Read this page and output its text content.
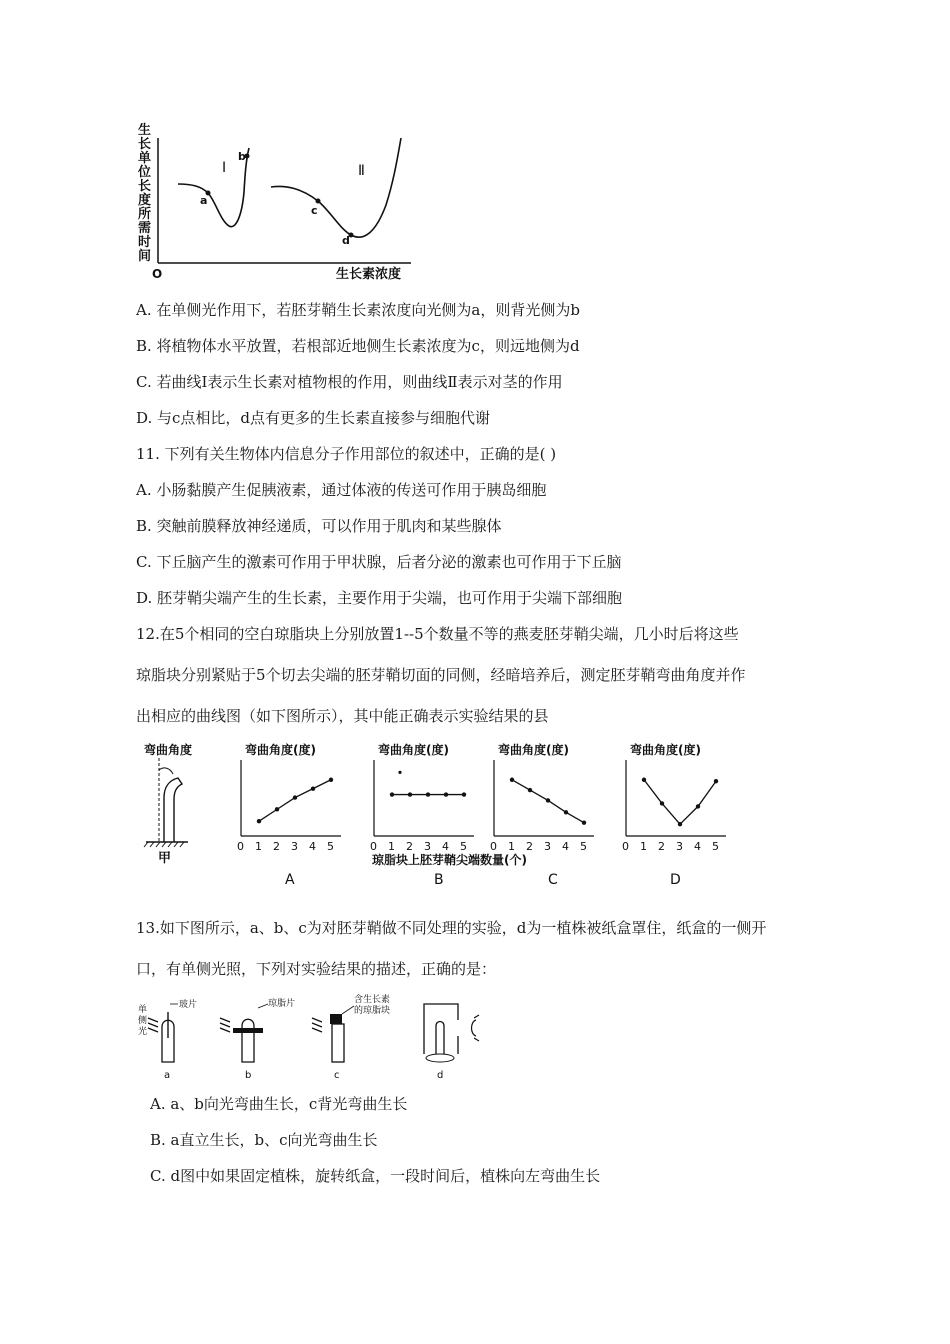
生
长
单
位
长
度
所
需
时
间
O	生长素浓度
a
b
c
d
Ⅰ	Ⅱ
A. 在单侧光作用下，若胚芽鞘生长素浓度向光侧为a，则背光侧为b
B. 将植物体水平放置，若根部近地侧生长素浓度为c，则远地侧为d
C. 若曲线Ⅰ表示生长素对植物根的作用，则曲线Ⅱ表示对茎的作用
D. 与c点相比，d点有更多的生长素直接参与细胞代谢
11. 下列有关生物体内信息分子作用部位的叙述中，正确的是( )
A. 小肠黏膜产生促胰液素，通过体液的传送可作用于胰岛细胞
B. 突触前膜释放神经递质，可以作用于肌肉和某些腺体
C. 下丘脑产生的激素可作用于甲状腺，后者分泌的激素也可作用于下丘脑
D. 胚芽鞘尖端产生的生长素，主要作用于尖端，也可作用于尖端下部细胞
12.在5个相同的空白琼脂块上分别放置1--5个数量不等的燕麦胚芽鞘尖端，几小时后将这些
琼脂块分别紧贴于5个切去尖端的胚芽鞘切面的同侧，经暗培养后，测定胚芽鞘弯曲角度并作
出相应的曲线图（如下图所示），其中能正确表示实验结果的县
弯曲角度
甲
弯曲角度(度)
0 1 2 3 4 5
A
弯曲角度(度)
0 1 2 3 4 5
B
弯曲角度(度)
0 1 2 3 4 5
C
弯曲角度(度)
0 1 2 3 4 5
D
琼脂块上胚芽鞘尖端数量(个)
13.如下图所示，a、b、c为对胚芽鞘做不同处理的实验，d为一植株被纸盒罩住，纸盒的一侧开
口，有单侧光照，下列对实验结果的描述，正确的是：
单
侧
光
玻片
a
琼脂片
b
含生长素
的琼脂块
c	d
A. a、b向光弯曲生长，c背光弯曲生长
B. a直立生长，b、c向光弯曲生长
C. d图中如果固定植株，旋转纸盒，一段时间后，植株向左弯曲生长
